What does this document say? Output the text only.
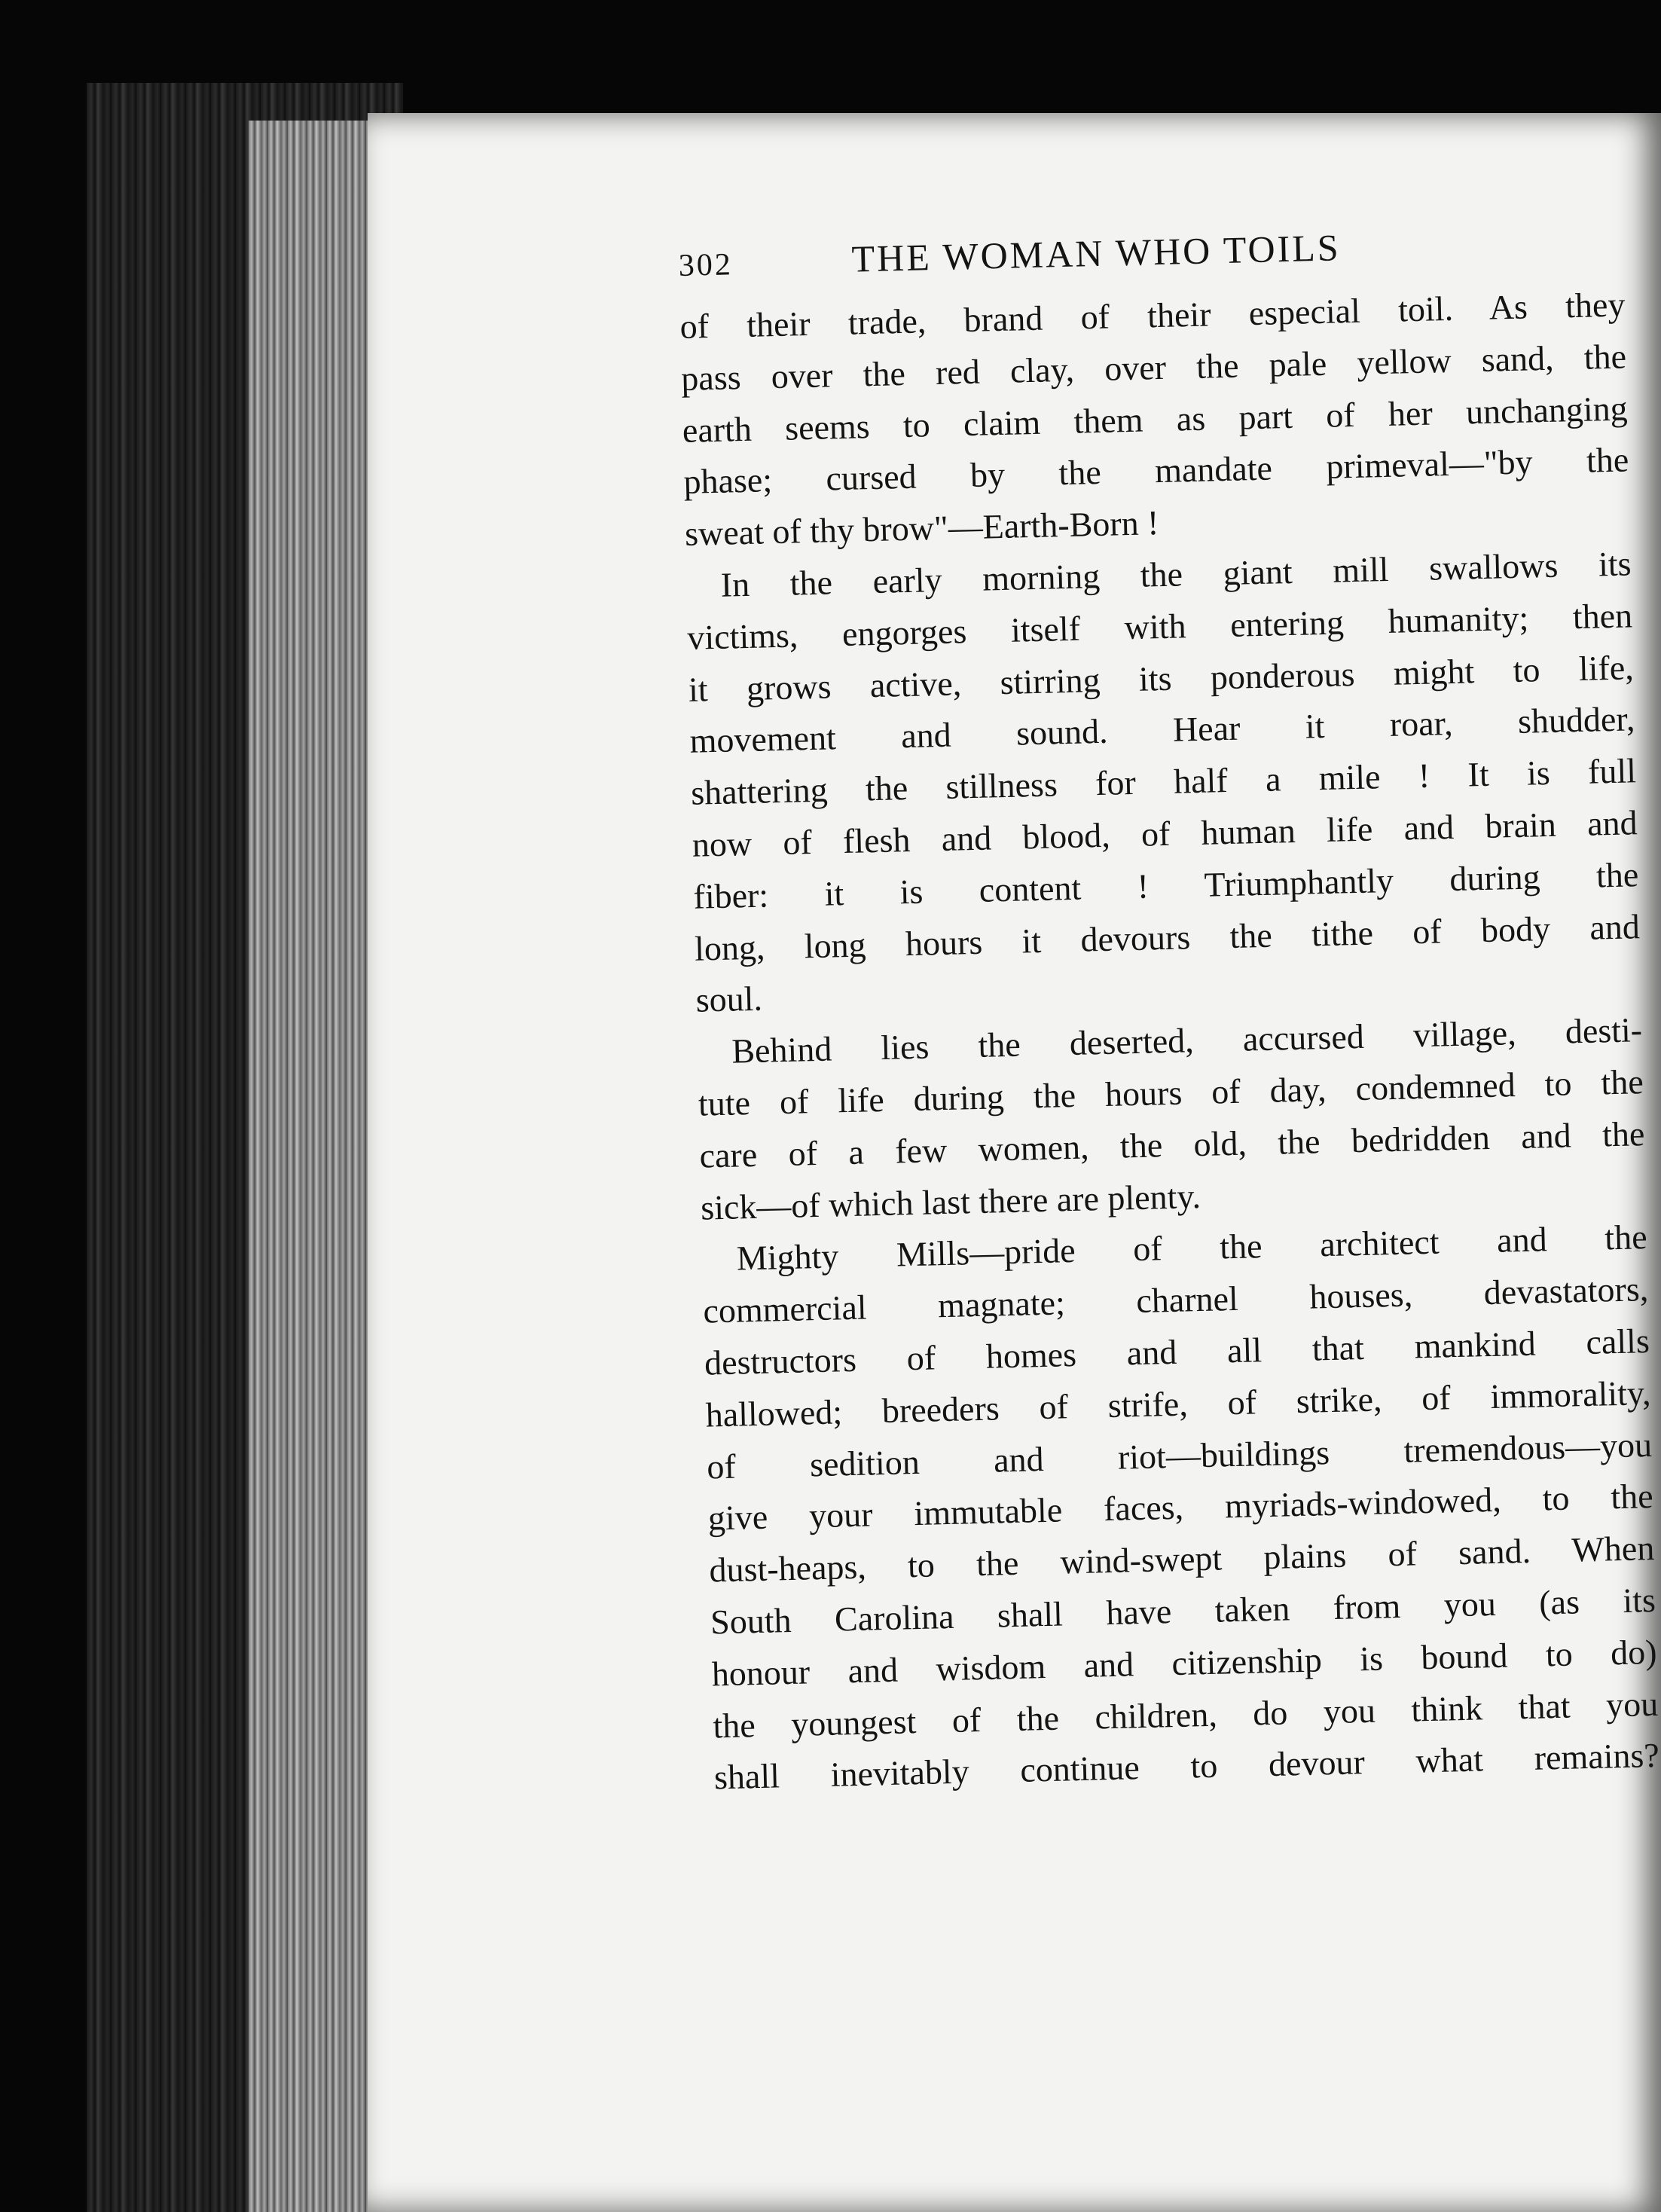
302	THE WOMAN WHO TOILS

of their trade, brand of their especial toil. As they
pass over the red clay, over the pale yellow sand, the
earth seems to claim them as part of her unchanging
phase; cursed by the mandate primeval—"by the
sweat of thy brow"—Earth-Born !

In the early morning the giant mill swallows its
victims, engorges itself with entering humanity; then
it grows active, stirring its ponderous might to life,
movement and sound. Hear it roar, shudder,
shattering the stillness for half a mile ! It is full
now of flesh and blood, of human life and brain and
fiber: it is content ! Triumphantly during the
long, long hours it devours the tithe of body and
soul.

Behind lies the deserted, accursed village, desti-
tute of life during the hours of day, condemned to the
care of a few women, the old, the bedridden and the
sick—of which last there are plenty.

Mighty Mills—pride of the architect and the
commercial magnate; charnel houses, devastators,
destructors of homes and all that mankind calls
hallowed; breeders of strife, of strike, of immorality,
of sedition and riot—buildings tremendous—you
give your immutable faces, myriads-windowed, to the
dust-heaps, to the wind-swept plains of sand. When
South Carolina shall have taken from you (as its
honour and wisdom and citizenship is bound to do)
the youngest of the children, do you think that you
shall inevitably continue to devour what remains?
